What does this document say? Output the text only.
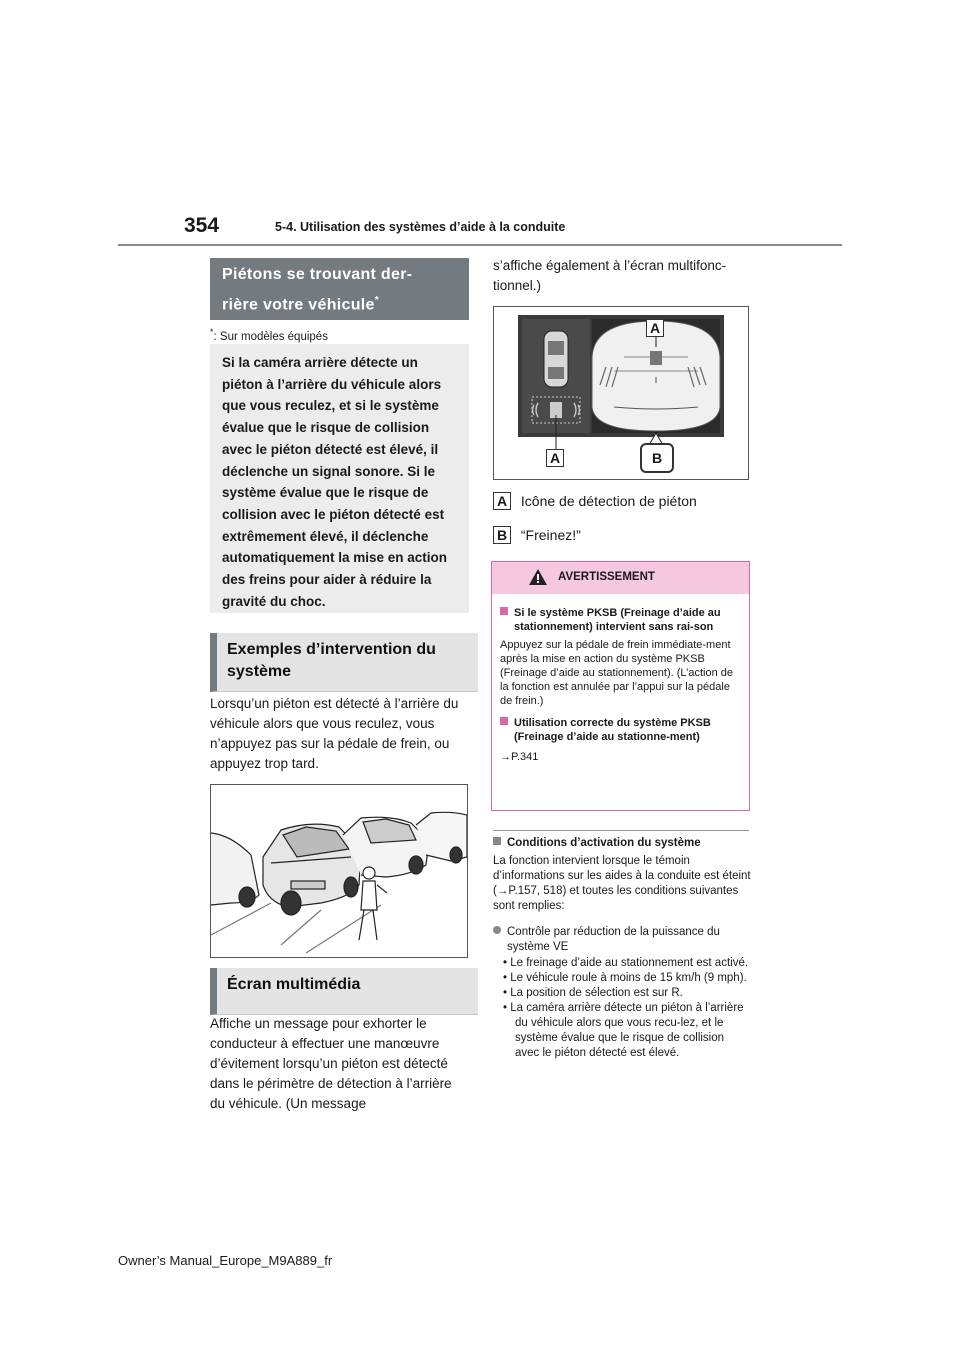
354	5-4. Utilisation des systèmes d’aide à la conduite
Piétons se trouvant der-
rière votre véhicule*
*: Sur modèles équipés
Si la caméra arrière détecte un piéton à l’arrière du véhicule alors que vous reculez, et si le système évalue que le risque de collision avec le piéton détecté est élevé, il déclenche un signal sonore. Si le système évalue que le risque de collision avec le piéton détecté est extrêmement élevé, il déclenche automatiquement la mise en action des freins pour aider à réduire la gravité du choc.
Exemples d’intervention du système
Lorsqu’un piéton est détecté à l’arrière du véhicule alors que vous reculez, vous n’appuyez pas sur la pédale de frein, ou appuyez trop tard.
Écran multimédia
Affiche un message pour exhorter le conducteur à effectuer une manœuvre d’évitement lorsqu’un piéton est détecté dans le périmètre de détection à l’arrière du véhicule. (Un message
s’affiche également à l’écran multifonc-tionnel.)
A
A	B
A Icône de détection de piéton
B “Freinez!”
AVERTISSEMENT
Si le système PKSB (Freinage d’aide au stationnement) intervient sans rai-son
Appuyez sur la pédale de frein immédiate-ment après la mise en action du système PKSB (Freinage d’aide au stationnement). (L’action de la fonction est annulée par l’appui sur la pédale de frein.)
Utilisation correcte du système PKSB (Freinage d’aide au stationne-ment)
→P.341
Conditions d’activation du système
La fonction intervient lorsque le témoin d’informations sur les aides à la conduite est éteint (→P.157, 518) et toutes les conditions suivantes sont remplies:
Contrôle par réduction de la puissance du système VE
• Le freinage d’aide au stationnement est activé.
• Le véhicule roule à moins de 15 km/h (9 mph).
• La position de sélection est sur R.
• La caméra arrière détecte un piéton à l’arrière du véhicule alors que vous recu-lez, et le système évalue que le risque de collision avec le piéton détecté est élevé.
Owner’s Manual_Europe_M9A889_fr
